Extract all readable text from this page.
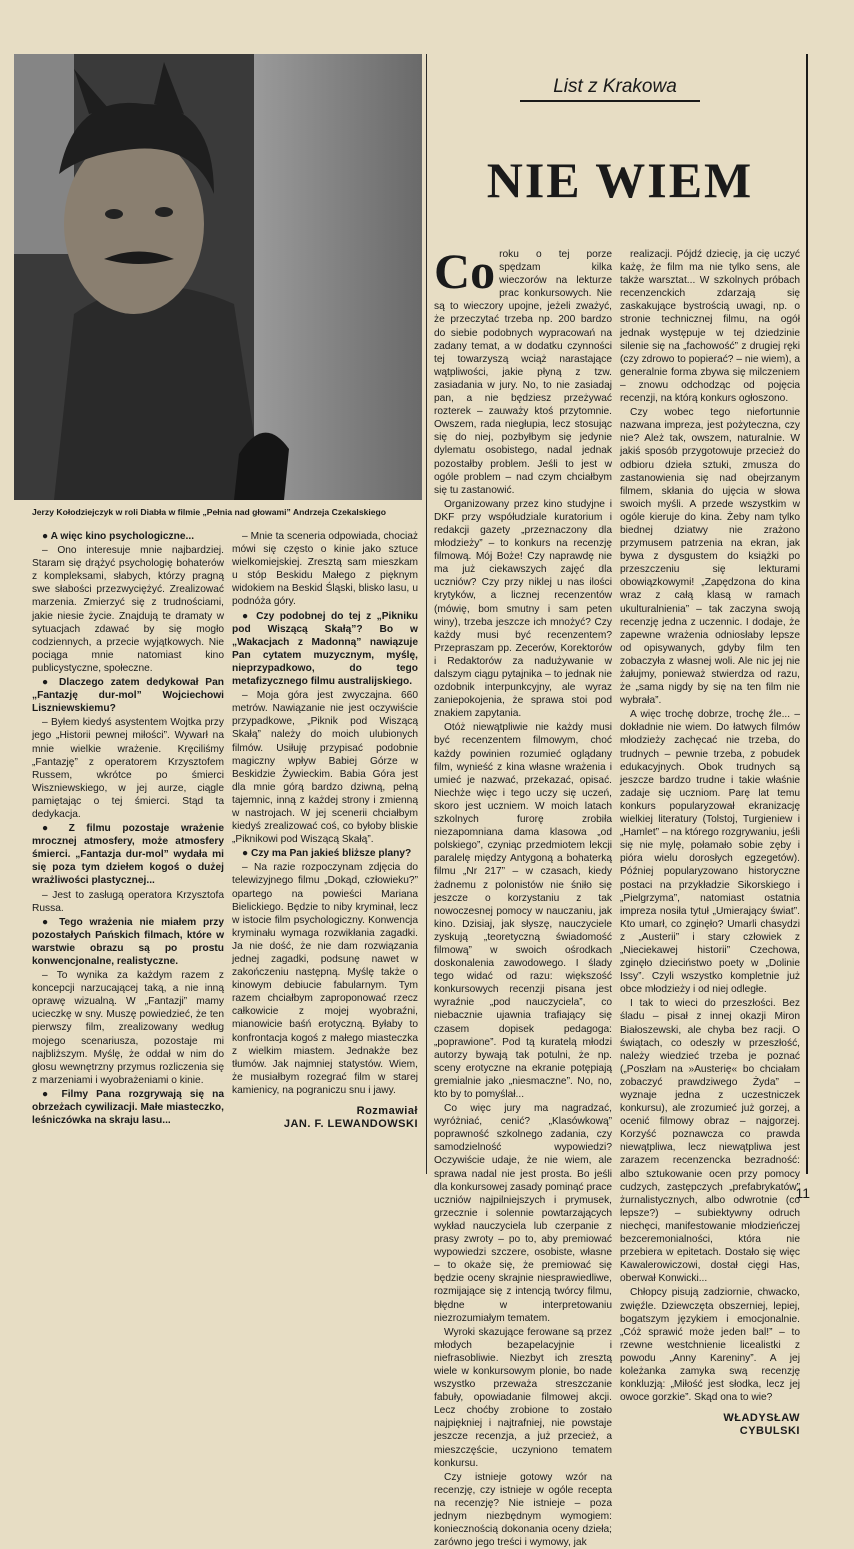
Jerzy Kołodziejczyk w roli Diabła w filmie „Pełnia nad głowami” Andrzeja Czekalskiego
List z Krakowa
NIE WIEM

● A więc kino psychologiczne...

– Ono interesuje mnie najbardziej. Staram się drążyć psychologię bohaterów z kompleksami, słabych, którzy pragną swe słabości przezwyciężyć. Zrealizować marzenia. Zmierzyć się z trudnościami, jakie niesie życie. Znajdują te dramaty w sytuacjach zdawać by się mogło codziennych, a przecie wyjątkowych. Nie pociąga mnie natomiast kino publicystyczne, społeczne.

● Dlaczego zatem dedykował Pan „Fantazję dur-mol” Wojciechowi Liszniewskiemu?

– Byłem kiedyś asystentem Wojtka przy jego „Historii pewnej miłości”. Wywarł na mnie wielkie wrażenie. Kręciliśmy „Fantazję” z operatorem Krzysztofem Russem, wkrótce po śmierci Wiszniewskiego, w jej aurze, ciągle pamiętając o tej śmierci. Stąd ta dedykacja.

● Z filmu pozostaje wrażenie mrocznej atmosfery, może atmosfery śmierci. „Fantazja dur-mol” wydała mi się poza tym dziełem kogoś o dużej wrażliwości plastycznej...

– Jest to zasługą operatora Krzysztofa Russa.

● Tego wrażenia nie miałem przy pozostałych Pańskich filmach, które w warstwie obrazu są po prostu konwencjonalne, realistyczne.

– To wynika za każdym razem z koncepcji narzucającej taką, a nie inną oprawę wizualną. W „Fantazji” mamy ucieczkę w sny. Muszę powiedzieć, że ten pierwszy film, zrealizowany według mojego scenariusza, pozostaje mi najbliższym. Myślę, że oddał w nim do głosu wewnętrzny przymus rozliczenia się z marzeniami i wyobrażeniami o kinie.

● Filmy Pana rozgrywają się na obrzeżach cywilizacji. Małe miasteczko, leśniczówka na skraju lasu...

– Mnie ta sceneria odpowiada, chociaż mówi się często o kinie jako sztuce wielkomiejskiej. Zresztą sam mieszkam u stóp Beskidu Małego z pięknym widokiem na Beskid Śląski, blisko lasu, u podnóża góry.

● Czy podobnej do tej z „Pikniku pod Wiszącą Skałą”? Bo w „Wakacjach z Madonną” nawiązuje Pan cytatem muzycznym, myślę, nieprzypadkowo, do tego metafizycznego filmu australijskiego.

– Moja góra jest zwyczajna. 660 metrów. Nawiązanie nie jest oczywiście przypadkowe, „Piknik pod Wiszącą Skałą” należy do moich ulubionych filmów. Usiłuję przypisać podobnie magiczny wpływ Babiej Górze w Beskidzie Żywieckim. Babia Góra jest dla mnie górą bardzo dziwną, pełną tajemnic, inną z każdej strony i zmienną w nastrojach. W jej scenerii chciałbym kiedyś zrealizować coś, co byłoby bliskie „Piknikowi pod Wiszącą Skałą”.

● Czy ma Pan jakieś bliższe plany?

– Na razie rozpoczynam zdjęcia do telewizyjnego filmu „Dokąd, człowieku?” opartego na powieści Mariana Bielickiego. Będzie to niby kryminał, lecz w istocie film psychologiczny. Konwencja kryminału wymaga rozwikłania zagadki. Ja nie dość, że nie dam rozwiązania jednej zagadki, podsunę nawet w zakończeniu następną. Myślę także o kinowym debiucie fabularnym. Tym razem chciałbym zaproponować rzecz całkowicie z mojej wyobraźni, mianowicie baśń erotyczną. Byłaby to konfrontacja kogoś z małego miasteczka z wielkim miastem. Jednakże bez tłumów. Jak najmniej statystów. Wiem, że musiałbym rozegrać film w starej kamienicy, na pograniczu snu i jawy.

Rozmawiał
JAN. F. LEWANDOWSKI
Co roku o tej porze spędzam kilka wieczorów na lekturze prac konkursowych. Nie są to wieczory upojne, jeżeli zważyć, że przeczytać trzeba np. 200 bardzo do siebie podobnych wypracowań na zadany temat, a w dodatku czynności tej towarzyszą wciąż narastające wątpliwości, jakie płyną z tzw. zasiadania w jury. No, to nie zasiadaj pan, a nie będziesz przeżywać rozterek – zauważy ktoś przytomnie. Owszem, rada niegłupia, lecz stosując się do niej, pozbyłbym się jedynie dylematu osobistego, nadal jednak pozostałby problem. Jeśli to jest w ogóle problem – nad czym chciałbym się tu zastanowić.

Organizowany przez kino studyjne i DKF przy współudziale kuratorium i redakcji gazety „przeznaczony dla młodzieży” – to konkurs na recenzję filmową. Mój Boże! Czy naprawdę nie ma już ciekawszych zajęć dla uczniów? Czy przy niklej u nas ilości krytyków, a licznej recenzentów (mówię, bom smutny i sam peten winy), trzeba jeszcze ich mnożyć? Czy każdy musi być recenzentem? Przepraszam pp. Zecerów, Korektorów i Redaktorów za nadużywanie w dalszym ciągu pytajnika – to jednak nie ozdobnik interpunkcyjny, ale wyraz zaniepokojenia, że sprawa stoi pod znakiem zapytania.

Otóż niewątpliwie nie każdy musi być recenzentem filmowym, choć każdy powinien rozumieć oglądany film, wynieść z kina własne wrażenia i umieć je nazwać, przekazać, opisać. Niechże więc i tego uczy się uczeń, skoro jest uczniem. W moich latach szkolnych furorę zrobiła niezapomniana dama klasowa „od polskiego”, czyniąc przedmiotem lekcji paralelę między Antygoną a bohaterką filmu „Nr 217” – w czasach, kiedy żadnemu z polonistów nie śniło się jeszcze o korzystaniu z tak nowoczesnej pomocy w nauczaniu, jak kino. Dzisiaj, jak słyszę, nauczyciele zyskują „teoretyczną świadomość filmową” w swoich ośrodkach doskonalenia zawodowego. I ślady tego widać od razu: większość konkursowych recenzji pisana jest wyraźnie „pod nauczyciela”, co niebacznie ujawnia trafiający się czasem dopisek pedagoga: „poprawione”. Pod tą kuratelą młodzi autorzy bywają tak potulni, że np. sceny erotyczne na ekranie potępiają gremialnie jako „niesmaczne”. No, no, kto by to pomyślał...

Co więc jury ma nagradzać, wyróżniać, cenić? „Klasówkową” poprawność szkolnego zadania, czy samodzielność wypowiedzi? Oczywiście udaje, że nie wiem, ale sprawa nadal nie jest prosta. Bo jeśli dla konkursowej zasady pominąć prace uczniów najpilniejszych i prymusek, grzecznie i solennie powtarzających wykład nauczyciela lub czerpanie z prasy zwroty – po to, aby premiować wypowiedzi szczere, osobiste, własne – to okaże się, że premiować się będzie oceny skrajnie niesprawiedliwe, rozmijające się z intencją twórcy filmu, błędne w interpretowaniu niezrozumiałym tematem.

Wyroki skazujące ferowane są przez młodych bezapelacyjnie i niefrasobliwie. Niezbyt ich zresztą wiele w konkursowym plonie, bo nade wszystko przeważa streszczanie fabuły, opowiadanie filmowej akcji. Lecz choćby zrobione to zostało najpiękniej i najtrafniej, nie powstaje jeszcze recenzja, a już przecież, a mieszczęście, uczyniono tematem konkursu.

Czy istnieje gotowy wzór na recenzję, czy istnieje w ogóle recepta na recenzję? Nie istnieje – poza jednym niezbędnym wymogiem: koniecznością dokonania oceny dzieła; zarówno jego treści i wymowy, jak

realizacji. Pójdź dziecię, ja cię uczyć każę, że film ma nie tylko sens, ale także warsztat... W szkolnych próbach recenzenckich zdarzają się zaskakujące bystrością uwagi, np. o stronie technicznej filmu, na ogół jednak występuje w tej dziedzinie silenie się na „fachowość” z drugiej ręki (czy zdrowo to popierać? – nie wiem), a generalnie forma zbywa się milczeniem – znowu odchodząc od pojęcia recenzji, na którą konkurs ogłoszono.

Czy wobec tego niefortunnie nazwana impreza, jest pożyteczna, czy nie? Ależ tak, owszem, naturalnie. W jakiś sposób przygotowuje przecież do odbioru dzieła sztuki, zmusza do zastanowienia się nad obejrzanym filmem, skłania do ujęcia w słowa swoich myśli. A przede wszystkim w ogóle kieruje do kina. Żeby nam tylko biednej dziatwy nie zrażono przymusem patrzenia na ekran, jak bywa z dysgustem do książki po przeszczeniu się lekturami obowiązkowymi! „Zapędzona do kina wraz z całą klasą w ramach ukulturalnienia” – tak zaczyna swoją recenzję jedna z uczennic. I dodaje, że zapewne wrażenia odniosłaby lepsze od opisywanych, gdyby film ten zobaczyła z własnej woli. Ale nic jej nie żałujmy, ponieważ stwierdza od razu, że „sama nigdy by się na ten film nie wybrała”.

A więc trochę dobrze, trochę źle... – dokładnie nie wiem. Do łatwych filmów młodzieży zachęcać nie trzeba, do trudnych – pewnie trzeba, z pobudek edukacyjnych. Obok trudnych są jeszcze bardzo trudne i takie właśnie zadaje się uczniom. Parę lat temu konkurs popularyzował ekranizację wielkiej literatury (Tolstoj, Turgieniew i „Hamlet” – na którego rozgrywaniu, jeśli się nie mylę, połamało sobie zęby i pióra wielu dorosłych egzegetów). Później popularyzowano historyczne postaci na przykładzie Sikorskiego i „Pielgrzyma”, natomiast ostatnia impreza nosiła tytuł „Umierający świat”. Kto umarł, co zginęło? Umarli chasydzi z „Austerii” i stary człowiek z „Nieciekawej historii” Czechowa, zginęło dzieciństwo poety w „Dolinie Issy”. Czyli wszystko kompletnie już obce młodzieży i od niej odległe.

I tak to wieci do przeszłości. Bez śladu – pisał z innej okazji Miron Białoszewski, ale chyba bez racji. O świątach, co odeszły w przeszłość, należy wiedzieć trzeba je poznać („Poszłam na »Austerię« bo chciałam zobaczyć prawdziwego Żyda” – wyznaje jedna z uczestniczek konkursu), ale zrozumieć już gorzej, a ocenić filmowy obraz – najgorzej. Korzyść poznawcza co prawda niewątpliwa, lecz niewątpliwa jest zarazem recenzencka bezradność: albo sztukowanie ocen przy pomocy cudzych, zastępczych „prefabrykatów” żurnalistycznych, albo odwrotnie (co lepsze?) – subiektywny odruch niechęci, manifestowanie młodzieńczej bezceremonialności, która nie przebiera w epitetach. Dostało się więc Kawalerowiczowi, dostał cięgi Has, oberwał Konwicki...

Chłopcy pisują zadziornie, chwacko, zwięźle. Dziewczęta obszerniej, lepiej, bogatszym językiem i emocjonalnie. „Cóż sprawić może jeden bal!” – to rzewne westchnienie licealistki z powodu „Anny Kareniny”. A jej koleżanka zamyka swą recenzję konkluzją: „Miłość jest słodka, lecz jej owoce gorzkie”. Skąd ona to wie?

WŁADYSŁAW
CYBULSKI
11
